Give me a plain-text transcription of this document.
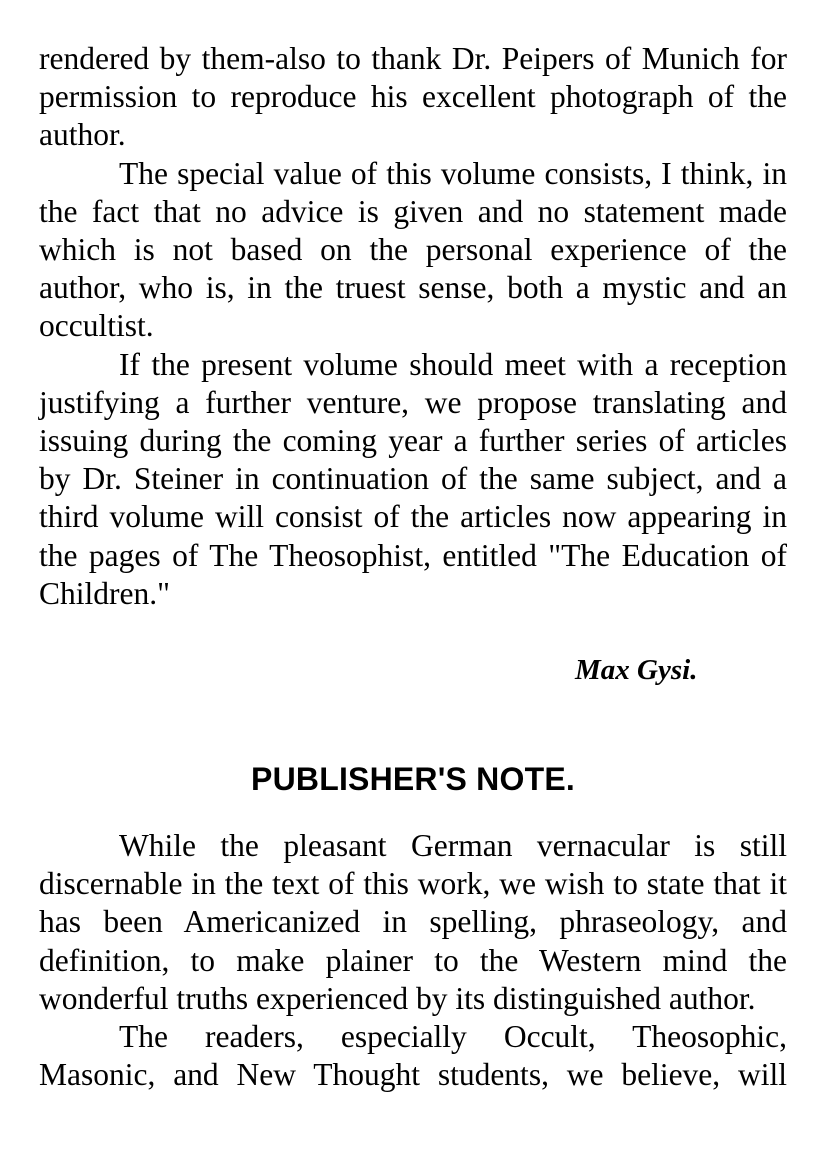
rendered by them-also to thank Dr. Peipers of Munich for permission to reproduce his excellent photograph of the author.

The special value of this volume consists, I think, in the fact that no advice is given and no statement made which is not based on the personal experience of the author, who is, in the truest sense, both a mystic and an occultist.

If the present volume should meet with a reception justifying a further venture, we propose translating and issuing during the coming year a further series of articles by Dr. Steiner in continuation of the same subject, and a third volume will consist of the articles now appearing in the pages of The Theosophist, entitled "The Education of Children."

Max Gysi.

PUBLISHER'S NOTE.

While the pleasant German vernacular is still discernable in the text of this work, we wish to state that it has been Americanized in spelling, phraseology, and definition, to make plainer to the Western mind the wonderful truths experienced by its distinguished author.

The readers, especially Occult, Theosophic, Masonic, and New Thought students, we believe, will
